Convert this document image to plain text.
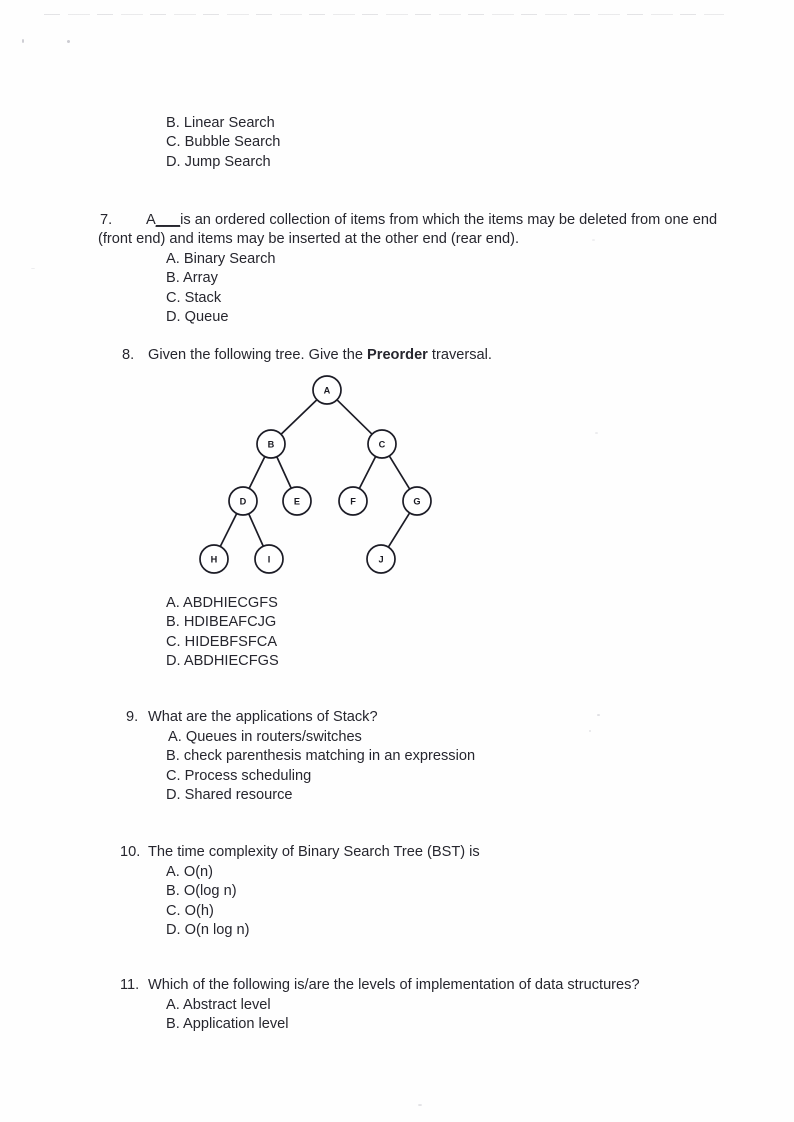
B. Linear Search
C. Bubble Search
D. Jump Search
7. A___is an ordered collection of items from which the items may be deleted from one end
(front end) and items may be inserted at the other end (rear end).
A. Binary Search
B. Array
C. Stack
D. Queue
8. Given the following tree. Give the Preorder traversal.
A
B	C
D	E	F	G
H	I	J
A. ABDHIECGFS
B. HDIBEAFCJG
C. HIDEBFSFCA
D. ABDHIECFGS
9. What are the applications of Stack?
A. Queues in routers/switches
B. check parenthesis matching in an expression
C. Process scheduling
D. Shared resource
10. The time complexity of Binary Search Tree (BST) is
A. O(n)
B. O(log n)
C. O(h)
D. O(n log n)
11. Which of the following is/are the levels of implementation of data structures?
A. Abstract level
B. Application level
